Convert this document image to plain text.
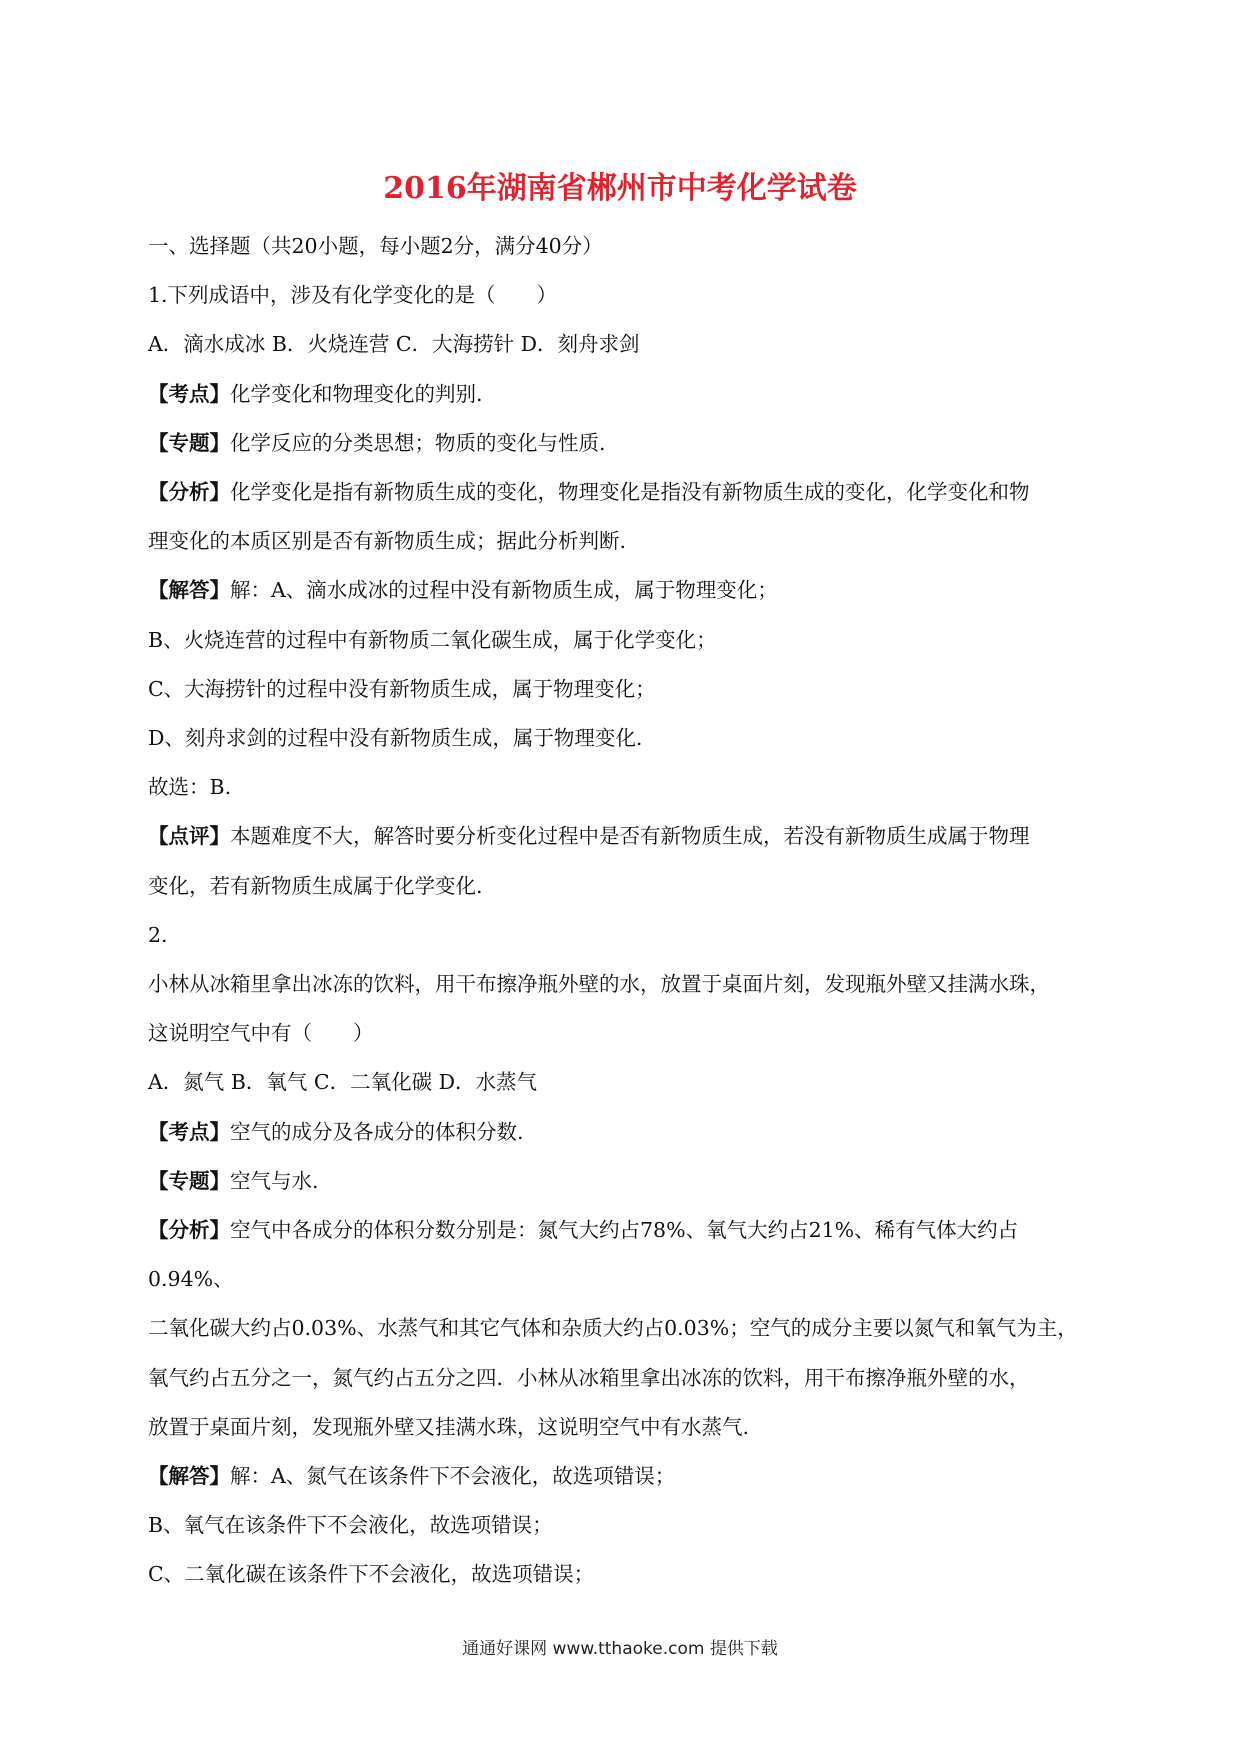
2016年湖南省郴州市中考化学试卷

一、选择题（共20小题，每小题2分，满分40分）

1.下列成语中，涉及有化学变化的是（　　）

A．滴水成冰 B．火烧连营 C．大海捞针 D．刻舟求剑

【考点】化学变化和物理变化的判别.

【专题】化学反应的分类思想；物质的变化与性质.

【分析】化学变化是指有新物质生成的变化，物理变化是指没有新物质生成的变化，化学变化和物

理变化的本质区别是否有新物质生成；据此分析判断.

【解答】解：A、滴水成冰的过程中没有新物质生成，属于物理变化；

B、火烧连营的过程中有新物质二氧化碳生成，属于化学变化；

C、大海捞针的过程中没有新物质生成，属于物理变化；

D、刻舟求剑的过程中没有新物质生成，属于物理变化.

故选：B.

【点评】本题难度不大，解答时要分析变化过程中是否有新物质生成，若没有新物质生成属于物理

变化，若有新物质生成属于化学变化.

2.

小林从冰箱里拿出冰冻的饮料，用干布擦净瓶外壁的水，放置于桌面片刻，发现瓶外壁又挂满水珠，

这说明空气中有（　　）

A．氮气 B．氧气 C．二氧化碳 D．水蒸气

【考点】空气的成分及各成分的体积分数.

【专题】空气与水.

【分析】空气中各成分的体积分数分别是：氮气大约占78%、氧气大约占21%、稀有气体大约占0.94%、

二氧化碳大约占0.03%、水蒸气和其它气体和杂质大约占0.03%；空气的成分主要以氮气和氧气为主，

氧气约占五分之一，氮气约占五分之四．小林从冰箱里拿出冰冻的饮料，用干布擦净瓶外壁的水，

放置于桌面片刻，发现瓶外壁又挂满水珠，这说明空气中有水蒸气.

【解答】解：A、氮气在该条件下不会液化，故选项错误；

B、氧气在该条件下不会液化，故选项错误；

C、二氧化碳在该条件下不会液化，故选项错误；

通通好课网 www.tthaoke.com 提供下载
